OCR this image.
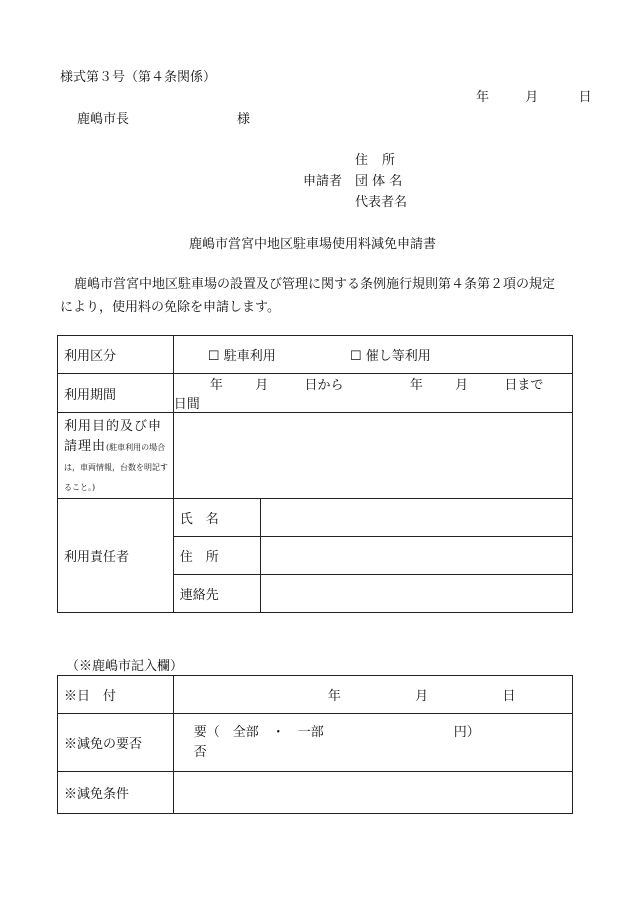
様式第３号（第４条関係）
年	月	日
鹿嶋市長	様
住所
申請者 団 体 名
代表者名
鹿嶋市営宮中地区駐車場使用料減免申請書
鹿嶋市営宮中地区駐車場の設置及び管理に関する条例施行規則第４条第２項の規定により，使用料の免除を申請します。
利用区分	☐ 駐車利用 ☐ 催し等利用	
利用期間	年 月 日から 年 月 日まで  日間	
利用目的及び申請理由(駐車利用の場合は，車両情報，台数を明記すること。)		
利用責任者	氏　名	
	住　所	
	連絡先	
（※鹿嶋市記入欄）
※日　付	年 月 日
※減免の要否	要（　全部　・　一部　　　　　　　　　　円）
否

※減免条件	
